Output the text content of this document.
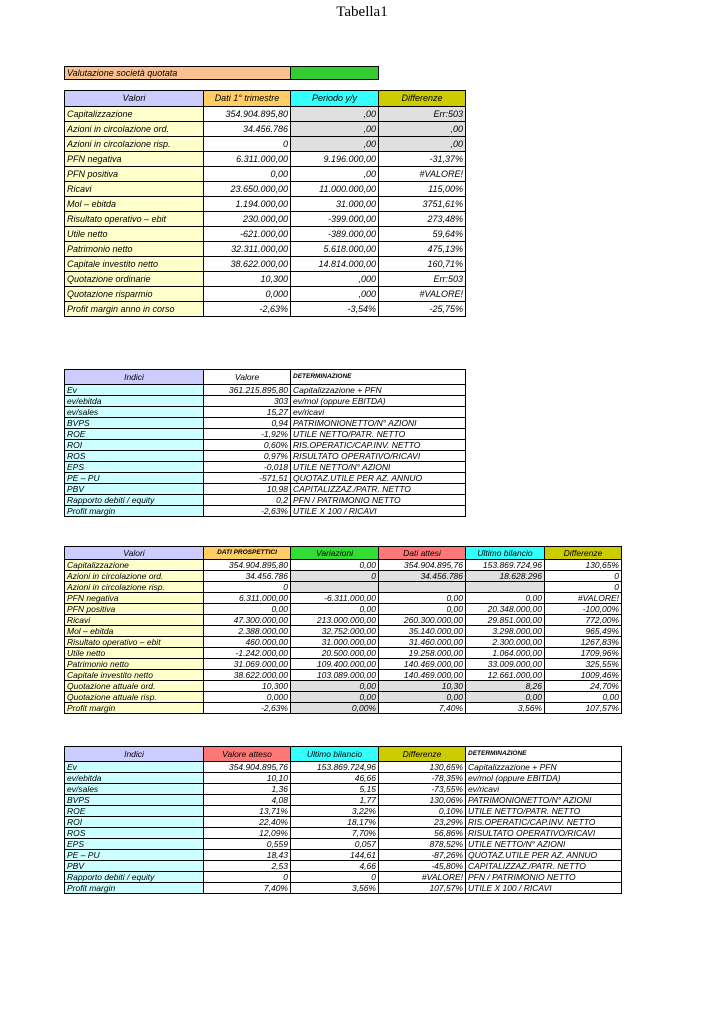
Tabella1
Valutazione società quotata	
Valori	Dati 1° trimestre	Periodo y/y	Differenze
Capitalizzazione	354.904.895,80	,00	Err:503
Azioni in circolazione ord.	34.456.786	,00	,00
Azioni in circolazione risp.	0	,00	,00
PFN negativa	6.311.000,00	9.196.000,00	-31,37%
PFN positiva	0,00	,00	#VALORE!
Ricavi	23.650.000,00	11.000.000,00	115,00%
Mol – ebitda	1.194.000,00	31.000,00	3751,61%
Risultato operativo – ebit	230.000,00	-399.000,00	273,48%
Utile netto	-621.000,00	-389.000,00	59,64%
Patrimonio netto	32.311.000,00	5.618.000,00	475,13%
Capitale investito netto	38.622.000,00	14.814.000,00	160,71%
Quotazione ordinarie	10,300	,000	Err:503
Quotazione risparmio	0,000	,000	#VALORE!
Profit margin anno in corso	-2,63%	-3,54%	-25,75%
Indici	Valore	DETERMINAZIONE
Ev	361.215.895,80	Capitalizzazione + PFN
ev/ebitda	303	ev/mol (oppure EBITDA)
ev/sales	15,27	ev/ricavi
BVPS	0,94	PATRIMONIONETTO/N° AZIONI
ROE	-1,92%	UTILE NETTO/PATR. NETTO
ROI	0,60%	RIS.OPERATIC/CAP.INV. NETTO
ROS	0,97%	RISULTATO OPERATIVO/RICAVI
EPS	-0,018	UTILE NETTO/N° AZIONI
PE – PU	-571,51	QUOTAZ.UTILE PER AZ. ANNUO
PBV	10,98	CAPITALIZZAZ./PATR. NETTO
Rapporto debiti / equity	0,2	PFN / PATRIMONIO NETTO
Profit margin	-2,63%	UTILE X 100 / RICAVI
Valori	DATI PROSPETTICI	Variazioni	Dati attesi	Ultimo bilancio	Differenze
Capitalizzazione	354.904.895,80	0,00	354.904.895,76	153.869.724,96	130,65%
Azioni in circolazione ord.	34.456.786	0	34.456.786	18.628.296	0
Azioni in circolazione risp.	0				0
PFN negativa	6.311.000,00	-6.311.000,00	0,00	0,00	#VALORE!
PFN positiva	0,00	0,00	0,00	20.348.000,00	-100,00%
Ricavi	47.300.000,00	213.000.000,00	260.300.000,00	29.851.000,00	772,00%
Mol – ebitda	2.388.000,00	32.752.000,00	35.140.000,00	3.298.000,00	965,49%
Risultato operativo – ebit	460.000,00	31.000.000,00	31.460.000,00	2.300.000,00	1267,83%
Utile netto	-1.242.000,00	20.500.000,00	19.258.000,00	1.064.000,00	1709,96%
Patrimonio netto	31.069.000,00	109.400.000,00	140.469.000,00	33.009.000,00	325,55%
Capitale investito netto	38.622.000,00	103.089.000,00	140.469.000,00	12.661.000,00	1009,46%
Quotazione attuale ord.	10,300	0,00	10,30	8,26	24,70%
Quotazione attuale risp.	0,000	0,00	0,00	0,00	0,00
Profit margin	-2,63%	0,00%	7,40%	3,56%	107,57%
Indici	Valore atteso	Ultimo bilancio	Differenze	DETERMINAZIONE
Ev	354.904.895,76	153.869.724,96	130,65%	Capitalizzazione + PFN
ev/ebitda	10,10	46,66	-78,35%	ev/mol (oppure EBITDA)
ev/sales	1,36	5,15	-73,55%	ev/ricavi
BVPS	4,08	1,77	130,06%	PATRIMONIONETTO/N° AZIONI
ROE	13,71%	3,22%	0,10%	UTILE NETTO/PATR. NETTO
ROI	22,40%	18,17%	23,29%	RIS.OPERATIC/CAP.INV. NETTO
ROS	12,09%	7,70%	56,86%	RISULTATO OPERATIVO/RICAVI
EPS	0,559	0,057	878,52%	UTILE NETTO/N° AZIONI
PE – PU	18,43	144,61	-87,26%	QUOTAZ.UTILE PER AZ. ANNUO
PBV	2,53	4,66	-45,80%	CAPITALIZZAZ./PATR. NETTO
Rapporto debiti / equity	0	0	#VALORE!	PFN / PATRIMONIO NETTO
Profit margin	7,40%	3,56%	107,57%	UTILE X 100 / RICAVI
